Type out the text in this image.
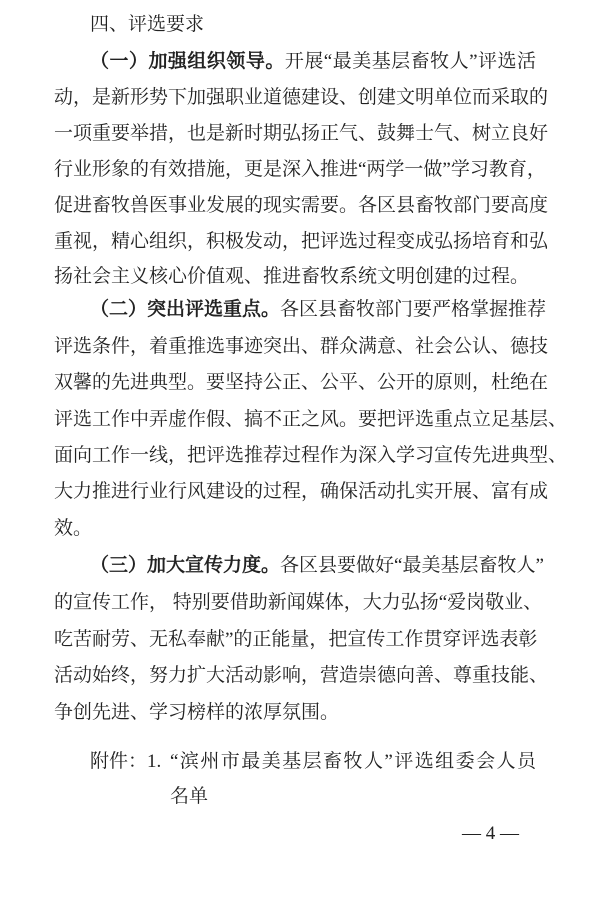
四、评选要求
（一）加强组织领导。开展“最美基层畜牧人”评选活
动，是新形势下加强职业道德建设、创建文明单位而采取的
一项重要举措，也是新时期弘扬正气、鼓舞士气、树立良好
行业形象的有效措施，更是深入推进“两学一做”学习教育，
促进畜牧兽医事业发展的现实需要。各区县畜牧部门要高度
重视，精心组织，积极发动，把评选过程变成弘扬培育和弘
扬社会主义核心价值观、推进畜牧系统文明创建的过程。
（二）突出评选重点。各区县畜牧部门要严格掌握推荐
评选条件，着重推选事迹突出、群众满意、社会公认、德技
双馨的先进典型。要坚持公正、公平、公开的原则，杜绝在
评选工作中弄虚作假、搞不正之风。要把评选重点立足基层、
面向工作一线，把评选推荐过程作为深入学习宣传先进典型、
大力推进行业行风建设的过程，确保活动扎实开展、富有成
效。
（三）加大宣传力度。各区县要做好“最美基层畜牧人”
的宣传工作， 特别要借助新闻媒体，大力弘扬“爱岗敬业、
吃苦耐劳、无私奉献”的正能量，把宣传工作贯穿评选表彰
活动始终，努力扩大活动影响，营造崇德向善、尊重技能、
争创先进、学习榜样的浓厚氛围。
附件：1. “滨州市最美基层畜牧人”评选组委会人员
名单
— 4 —
